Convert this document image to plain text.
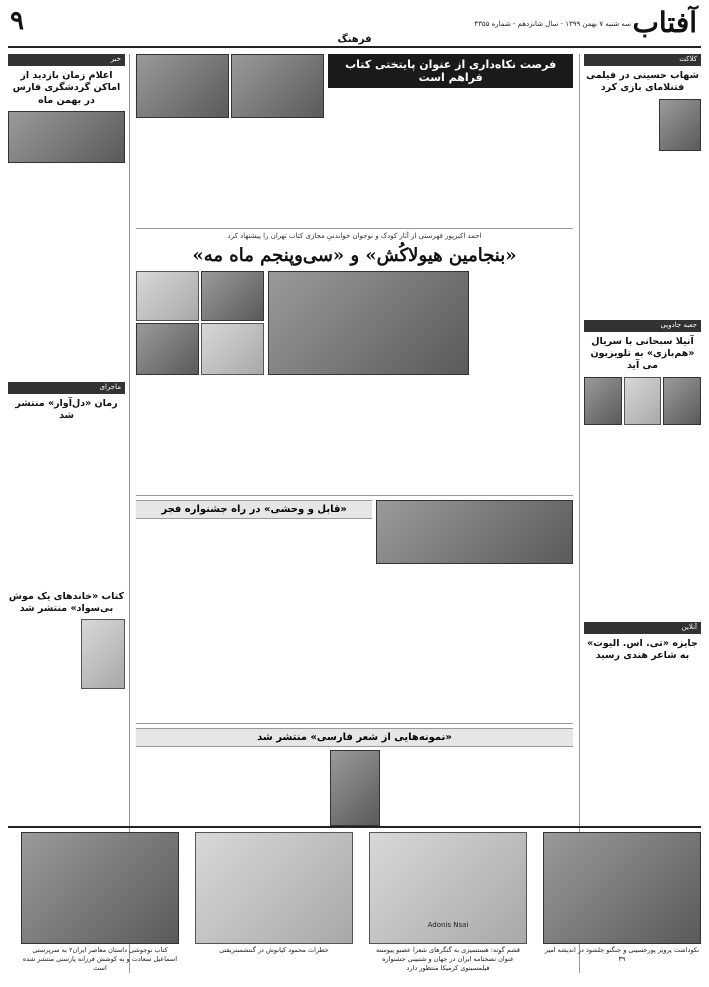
آفتاب
سه شنبه ۷ بهمن ۱۳۹۹ - سال شانزدهم - شماره ۴۳۵۵
۹
فرهنگ
کلاکت
شهاب حسینی در فیلمی فتنلامای بازی کرد
جعبه جادویی
آنیلا سبحانی با سریال «هم‌بازی» به تلویزیون می آید
آنلاین
جایزه «تی. اس. الیوت» به شاعر هندی رسید
خبر
اعلام زمان بازدید از اماکن گردشگری فارس در بهمن ماه
ماجرای
رمان «دل‌آوار» منتشر شد
کتاب «خاندهای یک موش بی‌سواد» منتشر شد
فرصت نکاه‌داری از عنوان پایتختی کتاب فراهم است
احمد اکبرپور فهرستی از آثار کودک و نوجوان خواندنیِ مجازی کتاب تهران را پیشنهاد کرد
«بنجامین هیولاکُش» و «سی‌وپنجم ماه مه»
«قابل و وحشی» در راه جشنواره فجر
«نمونه‌هایی از شعر فارسی» منتشر شد
نکوداشت پرویز پورحسینی و جنگنو جلشود در اندیشه امیر ۳۹
Adonis Nsai
قشم گوته: هستتمیزی به گنگرهای شعرا عصبو پیوسته عنوان نصحنامه ایران در جهان و شتبینی جشنواره فیلمسینوی کرمیکا منتظور دارد
خطرات محمود کیانوش در گنتشستریفتی
کتاب نوجوشی داستان معاصر ایران۲ به سرپرستی اسماعیل سعادت و به کوشش فرزانه پارسنی منتشر شده است
